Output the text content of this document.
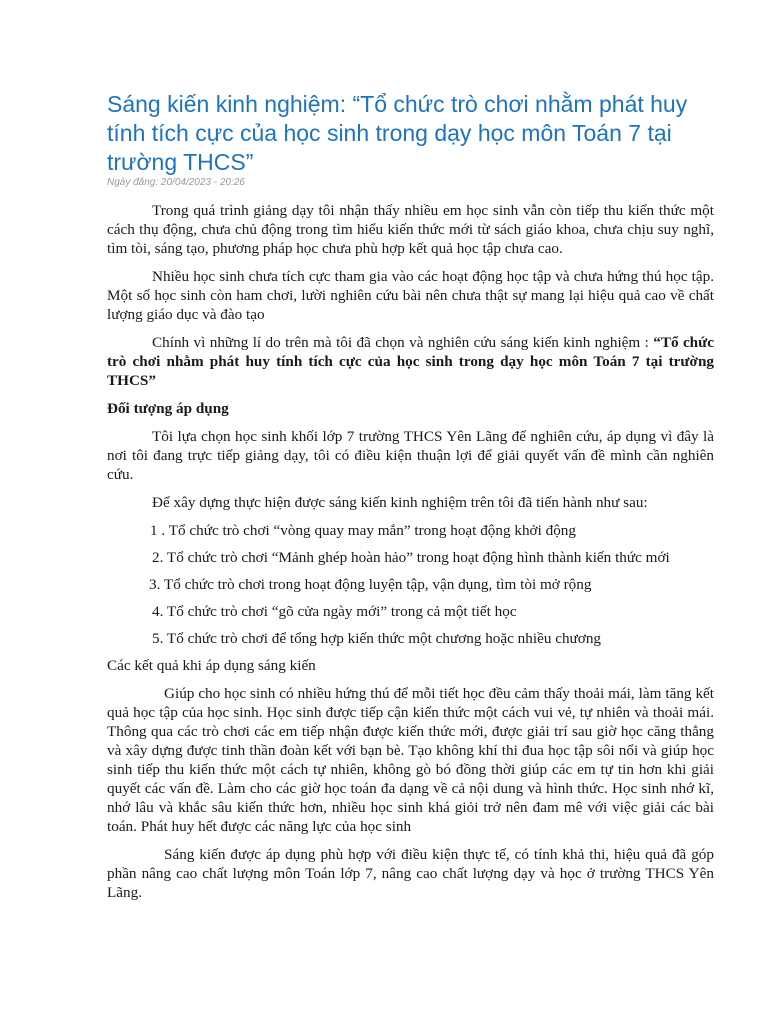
Sáng kiến kinh nghiệm: “Tổ chức trò chơi nhằm phát huy tính tích cực của học sinh trong dạy học môn Toán 7 tại trường THCS”
Ngày đăng: 20/04/2023 - 20:26

Trong quá trình giảng dạy tôi nhận thấy nhiều em học sinh vẫn còn tiếp thu kiến thức một cách thụ động, chưa chủ động trong tìm hiểu kiến thức mới từ sách giáo khoa, chưa chịu suy nghĩ, tìm tòi, sáng tạo, phương pháp học chưa phù hợp kết quả học tập chưa cao.

Nhiều học sinh chưa tích cực tham gia vào các hoạt động học tập và chưa hứng thú học tập. Một số học sinh còn ham chơi, lười nghiên cứu bài nên chưa thật sự mang lại hiệu quả cao về chất lượng giáo dục và đào tạo

Chính vì những lí do trên mà tôi đã chọn và nghiên cứu sáng kiến kinh nghiệm : “Tổ chức trò chơi nhằm phát huy tính tích cực của học sinh trong dạy học môn Toán 7 tại trường THCS”

Đối tượng áp dụng

Tôi lựa chọn học sinh khối lớp 7 trường THCS Yên Lãng để nghiên cứu, áp dụng vì đây là nơi tôi đang trực tiếp giảng dạy, tôi có điều kiện thuận lợi để giải quyết vấn đề mình cần nghiên cứu.

Để xây dựng thực hiện được sáng kiến kinh nghiệm trên tôi đã tiến hành như sau:

1 . Tổ chức trò chơi “vòng quay may mắn” trong hoạt động khởi động
2. Tổ chức trò chơi “Mảnh ghép hoàn hảo” trong hoạt động hình thành kiến thức mới
3. Tổ chức trò chơi trong hoạt động luyện tập, vận dụng, tìm tòi mở rộng
4. Tổ chức trò chơi “gõ cửa ngày mới” trong cả một tiết học
5. Tổ chức trò chơi để tổng hợp kiến thức một chương hoặc nhiều chương
Các kết quả khi áp dụng sáng kiến

Giúp cho học sinh có nhiều hứng thú để mỗi tiết học đều cảm thấy thoải mái, làm tăng kết quả học tập của học sinh. Học sinh được tiếp cận kiến thức một cách vui vẻ, tự nhiên và thoải mái. Thông qua các trò chơi các em tiếp nhận được kiến thức mới, được giải trí sau giờ học căng thẳng và xây dựng được tinh thần đoàn kết với bạn bè. Tạo không khí thi đua học tập sôi nổi và giúp học sinh tiếp thu kiến thức một cách tự nhiên, không gò bó đồng thời giúp các em tự tin hơn khi giải quyết các vấn đề. Làm cho các giờ học toán đa dạng về cả nội dung và hình thức. Học sinh nhớ kĩ, nhớ lâu và khắc sâu kiến thức hơn, nhiều học sinh khá giỏi trở nên đam mê với việc giải các bài toán. Phát huy hết được các năng lực của học sinh

Sáng kiến được áp dụng phù hợp với điều kiện thực tế, có tính khả thi, hiệu quả đã góp phần nâng cao chất lượng môn Toán lớp 7, nâng cao chất lượng dạy và học ở trường THCS Yên Lãng.
